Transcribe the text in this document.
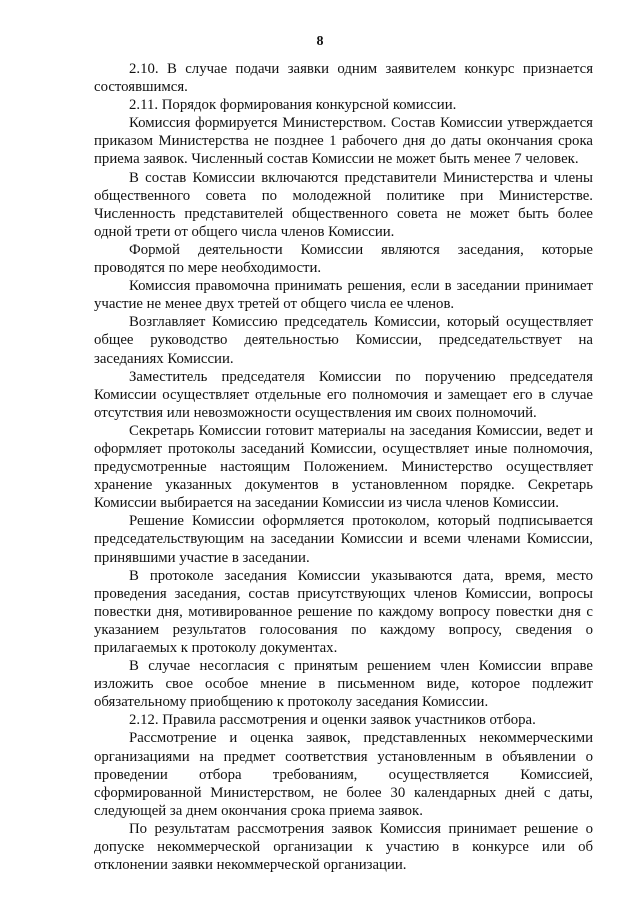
8

2.10. В случае подачи заявки одним заявителем конкурс признается состоявшимся.

2.11. Порядок формирования конкурсной комиссии.

Комиссия формируется Министерством. Состав Комиссии утверждается приказом Министерства не позднее 1 рабочего дня до даты окончания срока приема заявок. Численный состав Комиссии не может быть менее 7 человек.

В состав Комиссии включаются представители Министерства и члены общественного совета по молодежной политике при Министерстве. Численность представителей общественного совета не может быть более одной трети от общего числа членов Комиссии.

Формой деятельности Комиссии являются заседания, которые проводятся по мере необходимости.

Комиссия правомочна принимать решения, если в заседании принимает участие не менее двух третей от общего числа ее членов.

Возглавляет Комиссию председатель Комиссии, который осуществляет общее руководство деятельностью Комиссии, председательствует на заседаниях Комиссии.

Заместитель председателя Комиссии по поручению председателя Комиссии осуществляет отдельные его полномочия и замещает его в случае отсутствия или невозможности осуществления им своих полномочий.

Секретарь Комиссии готовит материалы на заседания Комиссии, ведет и оформляет протоколы заседаний Комиссии, осуществляет иные полномочия, предусмотренные настоящим Положением. Министерство осуществляет хранение указанных документов в установленном порядке. Секретарь Комиссии выбирается на заседании Комиссии из числа членов Комиссии.

Решение Комиссии оформляется протоколом, который подписывается председательствующим на заседании Комиссии и всеми членами Комиссии, принявшими участие в заседании.

В протоколе заседания Комиссии указываются дата, время, место проведения заседания, состав присутствующих членов Комиссии, вопросы повестки дня, мотивированное решение по каждому вопросу повестки дня с указанием результатов голосования по каждому вопросу, сведения о прилагаемых к протоколу документах.

В случае несогласия с принятым решением член Комиссии вправе изложить свое особое мнение в письменном виде, которое подлежит обязательному приобщению к протоколу заседания Комиссии.

2.12. Правила рассмотрения и оценки заявок участников отбора.

Рассмотрение и оценка заявок, представленных некоммерческими организациями на предмет соответствия установленным в объявлении о проведении отбора требованиям, осуществляется Комиссией, сформированной Министерством, не более 30 календарных дней с даты, следующей за днем окончания срока приема заявок.

По результатам рассмотрения заявок Комиссия принимает решение о допуске некоммерческой организации к участию в конкурсе или об отклонении заявки некоммерческой организации.
